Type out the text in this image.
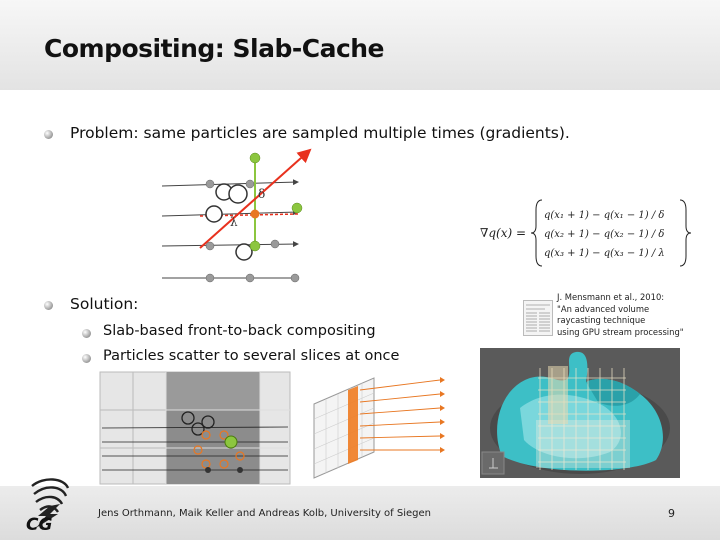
Compositing: Slab-Cache
Problem: same particles are sampled multiple times (gradients).
δ
λ
∇q(x) =
q(x₁ + 1) − q(x₁ − 1) / δ
q(x₂ + 1) − q(x₂ − 1) / δ
q(x₃ + 1) − q(x₃ − 1) / λ
Solution:
Slab-based front-to-back compositing
Particles scatter to several slices at once
J. Mensmann et al., 2010:
"An advanced volume
raycasting technique
using GPU stream processing"
CG
Jens Orthmann, Maik Keller and Andreas Kolb, University of Siegen	9
